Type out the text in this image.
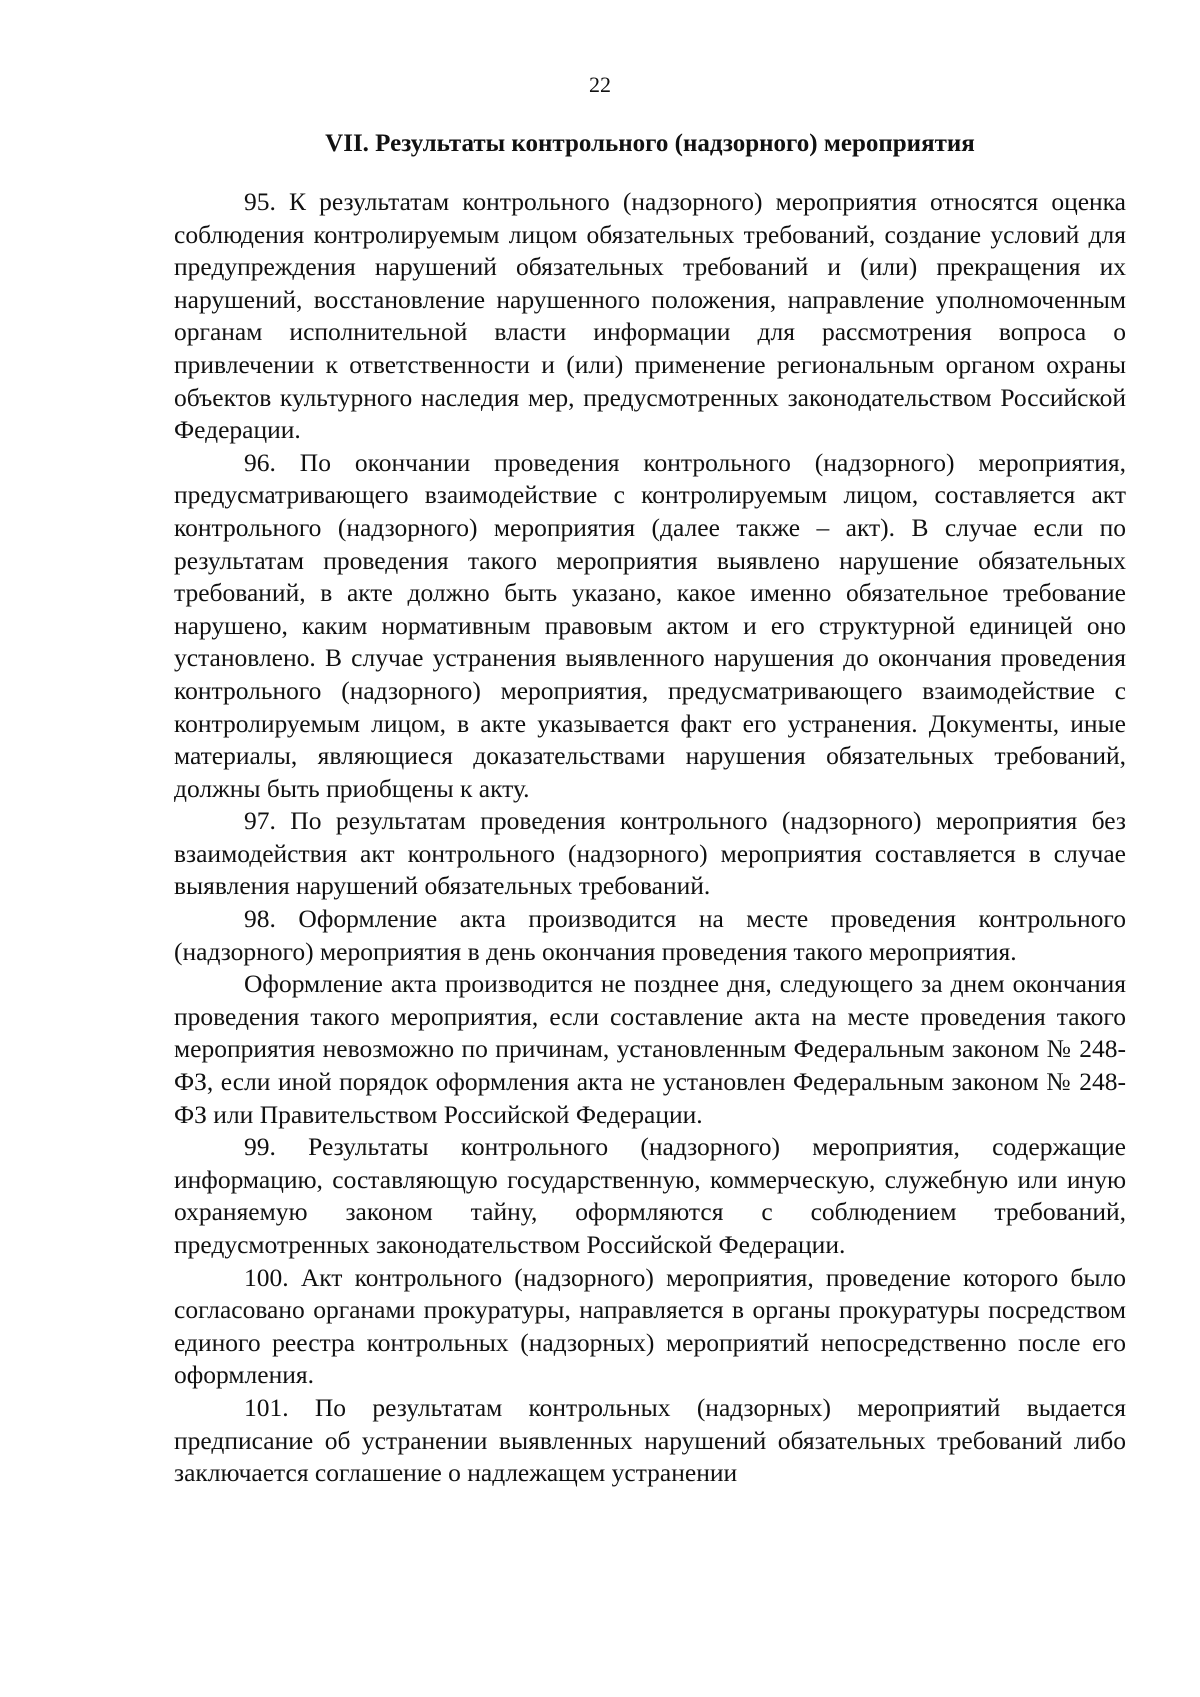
22
VII. Результаты контрольного (надзорного) мероприятия

95. К результатам контрольного (надзорного) мероприятия относятся оценка соблюдения контролируемым лицом обязательных требований, создание условий для предупреждения нарушений обязательных требований и (или) прекращения их нарушений, восстановление нарушенного положения, направление уполномоченным органам исполнительной власти информации для рассмотрения вопроса о привлечении к ответственности и (или) применение региональным органом охраны объектов культурного наследия мер, предусмотренных законодательством Российской Федерации.

96. По окончании проведения контрольного (надзорного) мероприятия, предусматривающего взаимодействие с контролируемым лицом, составляется акт контрольного (надзорного) мероприятия (далее также – акт). В случае если по результатам проведения такого мероприятия выявлено нарушение обязательных требований, в акте должно быть указано, какое именно обязательное требование нарушено, каким нормативным правовым актом и его структурной единицей оно установлено. В случае устранения выявленного нарушения до окончания проведения контрольного (надзорного) мероприятия, предусматривающего взаимодействие с контролируемым лицом, в акте указывается факт его устранения. Документы, иные материалы, являющиеся доказательствами нарушения обязательных требований, должны быть приобщены к акту.

97. По результатам проведения контрольного (надзорного) мероприятия без взаимодействия акт контрольного (надзорного) мероприятия составляется в случае выявления нарушений обязательных требований.

98. Оформление акта производится на месте проведения контрольного (надзорного) мероприятия в день окончания проведения такого мероприятия.

Оформление акта производится не позднее дня, следующего за днем окончания проведения такого мероприятия, если составление акта на месте проведения такого мероприятия невозможно по причинам, установленным Федеральным законом № 248-ФЗ, если иной порядок оформления акта не установлен Федеральным законом № 248-ФЗ или Правительством Российской Федерации.

99. Результаты контрольного (надзорного) мероприятия, содержащие информацию, составляющую государственную, коммерческую, служебную или иную охраняемую законом тайну, оформляются с соблюдением требований, предусмотренных законодательством Российской Федерации.

100. Акт контрольного (надзорного) мероприятия, проведение которого было согласовано органами прокуратуры, направляется в органы прокуратуры посредством единого реестра контрольных (надзорных) мероприятий непосредственно после его оформления.

101. По результатам контрольных (надзорных) мероприятий выдается предписание об устранении выявленных нарушений обязательных требований либо заключается соглашение о надлежащем устранении
